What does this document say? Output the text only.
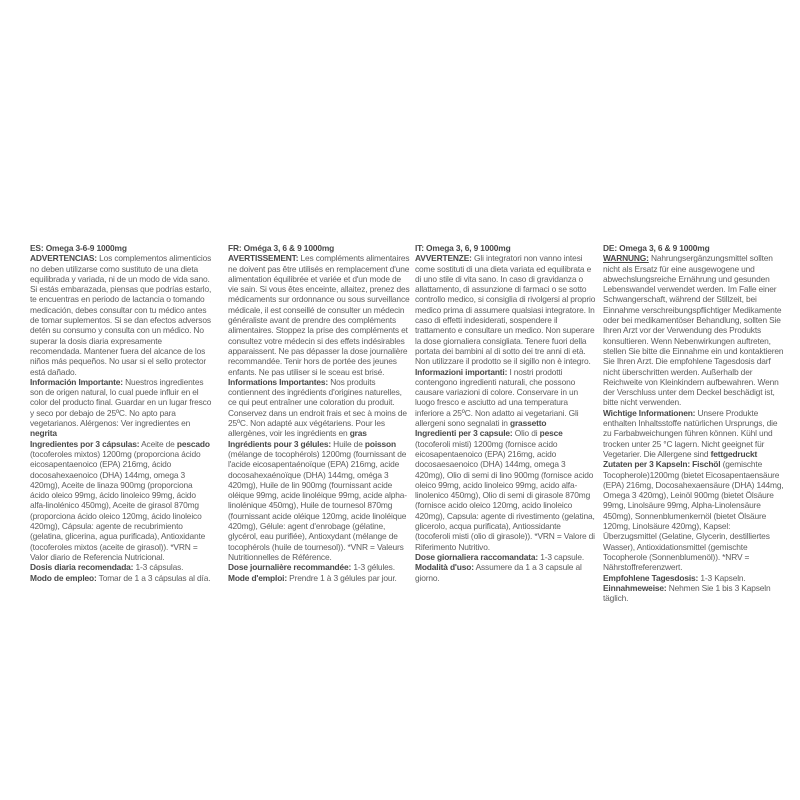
ES: Omega 3-6-9 1000mg

ADVERTENCIAS: Los complementos alimenticios no deben utilizarse como sustituto de una dieta equilibrada y variada, ni de un modo de vida sano. Si estás embarazada, piensas que podrías estarlo, te encuentras en periodo de lactancia o tomando medicación, debes consultar con tu médico antes de tomar suplementos. Si se dan efectos adversos detén su consumo y consulta con un médico. No superar la dosis diaria expresamente recomendada. Mantener fuera del alcance de los niños más pequeños. No usar si el sello protector está dañado.

Información Importante: Nuestros ingredientes son de origen natural, lo cual puede influir en el color del producto final. Guardar en un lugar fresco y seco por debajo de 25ºC. No apto para vegetarianos. Alérgenos: Ver ingredientes en negrita

Ingredientes por 3 cápsulas: Aceite de pescado (tocoferoles mixtos) 1200mg (proporciona ácido eicosapentaenoico (EPA) 216mg, ácido docosahexaenoico (DHA) 144mg, omega 3 420mg), Aceite de linaza 900mg (proporciona ácido oleico 99mg, ácido linoleico 99mg, ácido alfa-linolénico 450mg), Aceite de girasol 870mg (proporciona ácido oleico 120mg, ácido linoleico 420mg), Cápsula: agente de recubrimiento (gelatina, glicerina, agua purificada), Antioxidante (tocoferoles mixtos (aceite de girasol)). *VRN = Valor diario de Referencia Nutricional.

Dosis diaria recomendada: 1-3 cápsulas.

Modo de empleo: Tomar de 1 a 3 cápsulas al día.

FR: Oméga 3, 6 & 9 1000mg

AVERTISSEMENT: Les compléments alimentaires ne doivent pas être utilisés en remplacement d'une alimentation équilibrée et variée et d'un mode de vie sain. Si vous êtes enceinte, allaitez, prenez des médicaments sur ordonnance ou sous surveillance médicale, il est conseillé de consulter un médecin généraliste avant de prendre des compléments alimentaires. Stoppez la prise des compléments et consultez votre médecin si des effets indésirables apparaissent. Ne pas dépasser la dose journalière recommandée. Tenir hors de portée des jeunes enfants. Ne pas utiliser si le sceau est brisé.

Informations Importantes: Nos produits contiennent des ingrédients d'origines naturelles, ce qui peut entraîner une coloration du produit. Conservez dans un endroit frais et sec à moins de 25ºC. Non adapté aux végétariens. Pour les allergènes, voir les ingrédients en gras

Ingrédients pour 3 gélules: Huile de poisson (mélange de tocophérols) 1200mg (fournissant de l'acide eicosapentaénoïque (EPA) 216mg, acide docosahexaénoïque (DHA) 144mg, oméga 3 420mg), Huile de lin 900mg (fournissant acide oléique 99mg, acide linoléique 99mg, acide alpha-linolénique 450mg), Huile de tournesol 870mg (fournissant acide oléique 120mg, acide linoléique 420mg), Gélule: agent d'enrobage (gélatine, glycérol, eau purifiée), Antioxydant (mélange de tocophérols (huile de tournesol)). *VNR = Valeurs Nutritionnelles de Référence.

Dose journalière recommandée: 1-3 gélules.

Mode d'emploi: Prendre 1 à 3 gélules par jour.

IT: Omega 3, 6, 9 1000mg

AVVERTENZE: Gli integratori non vanno intesi come sostituti di una dieta variata ed equilibrata e di uno stile di vita sano. In caso di gravidanza o allattamento, di assunzione di farmaci o se sotto controllo medico, si consiglia di rivolgersi al proprio medico prima di assumere qualsiasi integratore. In caso di effetti indesiderati, sospendere il trattamento e consultare un medico. Non superare la dose giornaliera consigliata. Tenere fuori della portata dei bambini al di sotto dei tre anni di età. Non utilizzare il prodotto se il sigillo non è integro.

Informazioni importanti: I nostri prodotti contengono ingredienti naturali, che possono causare variazioni di colore. Conservare in un luogo fresco e asciutto ad una temperatura inferiore a 25ºC. Non adatto ai vegetariani. Gli allergeni sono segnalati in grassetto

Ingredienti per 3 capsule: Olio di pesce (tocoferoli misti) 1200mg (fornisce acido eicosapentaenoico (EPA) 216mg, acido docosaesaenoico (DHA) 144mg, omega 3 420mg), Olio di semi di lino 900mg (fornisce acido oleico 99mg, acido linoleico 99mg, acido alfa-linolenico 450mg), Olio di semi di girasole 870mg (fornisce acido oleico 120mg, acido linoleico 420mg), Capsula: agente di rivestimento (gelatina, glicerolo, acqua purificata), Antiossidante (tocoferoli misti (olio di girasole)). *VRN = Valore di Riferimento Nutritivo.

Dose giornaliera raccomandata: 1-3 capsule.

Modalità d'uso: Assumere da 1 a 3 capsule al giorno.

DE: Omega 3, 6 & 9 1000mg

WARNUNG: Nahrungsergänzungsmittel sollten nicht als Ersatz für eine ausgewogene und abwechslungsreiche Ernährung und gesunden Lebenswandel verwendet werden. Im Falle einer Schwangerschaft, während der Stillzeit, bei Einnahme verschreibungspflichtiger Medikamente oder bei medikamentöser Behandlung, sollten Sie Ihren Arzt vor der Verwendung des Produkts konsultieren. Wenn Nebenwirkungen auftreten, stellen Sie bitte die Einnahme ein und kontaktieren Sie Ihren Arzt. Die empfohlene Tagesdosis darf nicht überschritten werden. Außerhalb der Reichweite von Kleinkindern aufbewahren. Wenn der Verschluss unter dem Deckel beschädigt ist, bitte nicht verwenden.

Wichtige Informationen: Unsere Produkte enthalten Inhaltsstoffe natürlichen Ursprungs, die zu Farbabweichungen führen können. Kühl und trocken unter 25 °C lagern. Nicht geeignet für Vegetarier. Die Allergene sind fettgedruckt

Zutaten per 3 Kapseln: Fischöl (gemischte Tocopherole)1200mg (bietet Eicosapentaensäure (EPA) 216mg, Docosahexaensäure (DHA) 144mg, Omega 3 420mg), Leinöl 900mg (bietet Ölsäure 99mg, Linolsäure 99mg, Alpha-Linolensäure 450mg), Sonnenblumenkernöl (bietet Ölsäure 120mg, Linolsäure 420mg), Kapsel: Überzugsmittel (Gelatine, Glycerin, destilliertes Wasser), Antioxidationsmittel (gemischte Tocopherole (Sonnenblumenöl)). *NRV = Nährstoffreferenzwert.

Empfohlene Tagesdosis: 1-3 Kapseln.

Einnahmeweise: Nehmen Sie 1 bis 3 Kapseln täglich.
